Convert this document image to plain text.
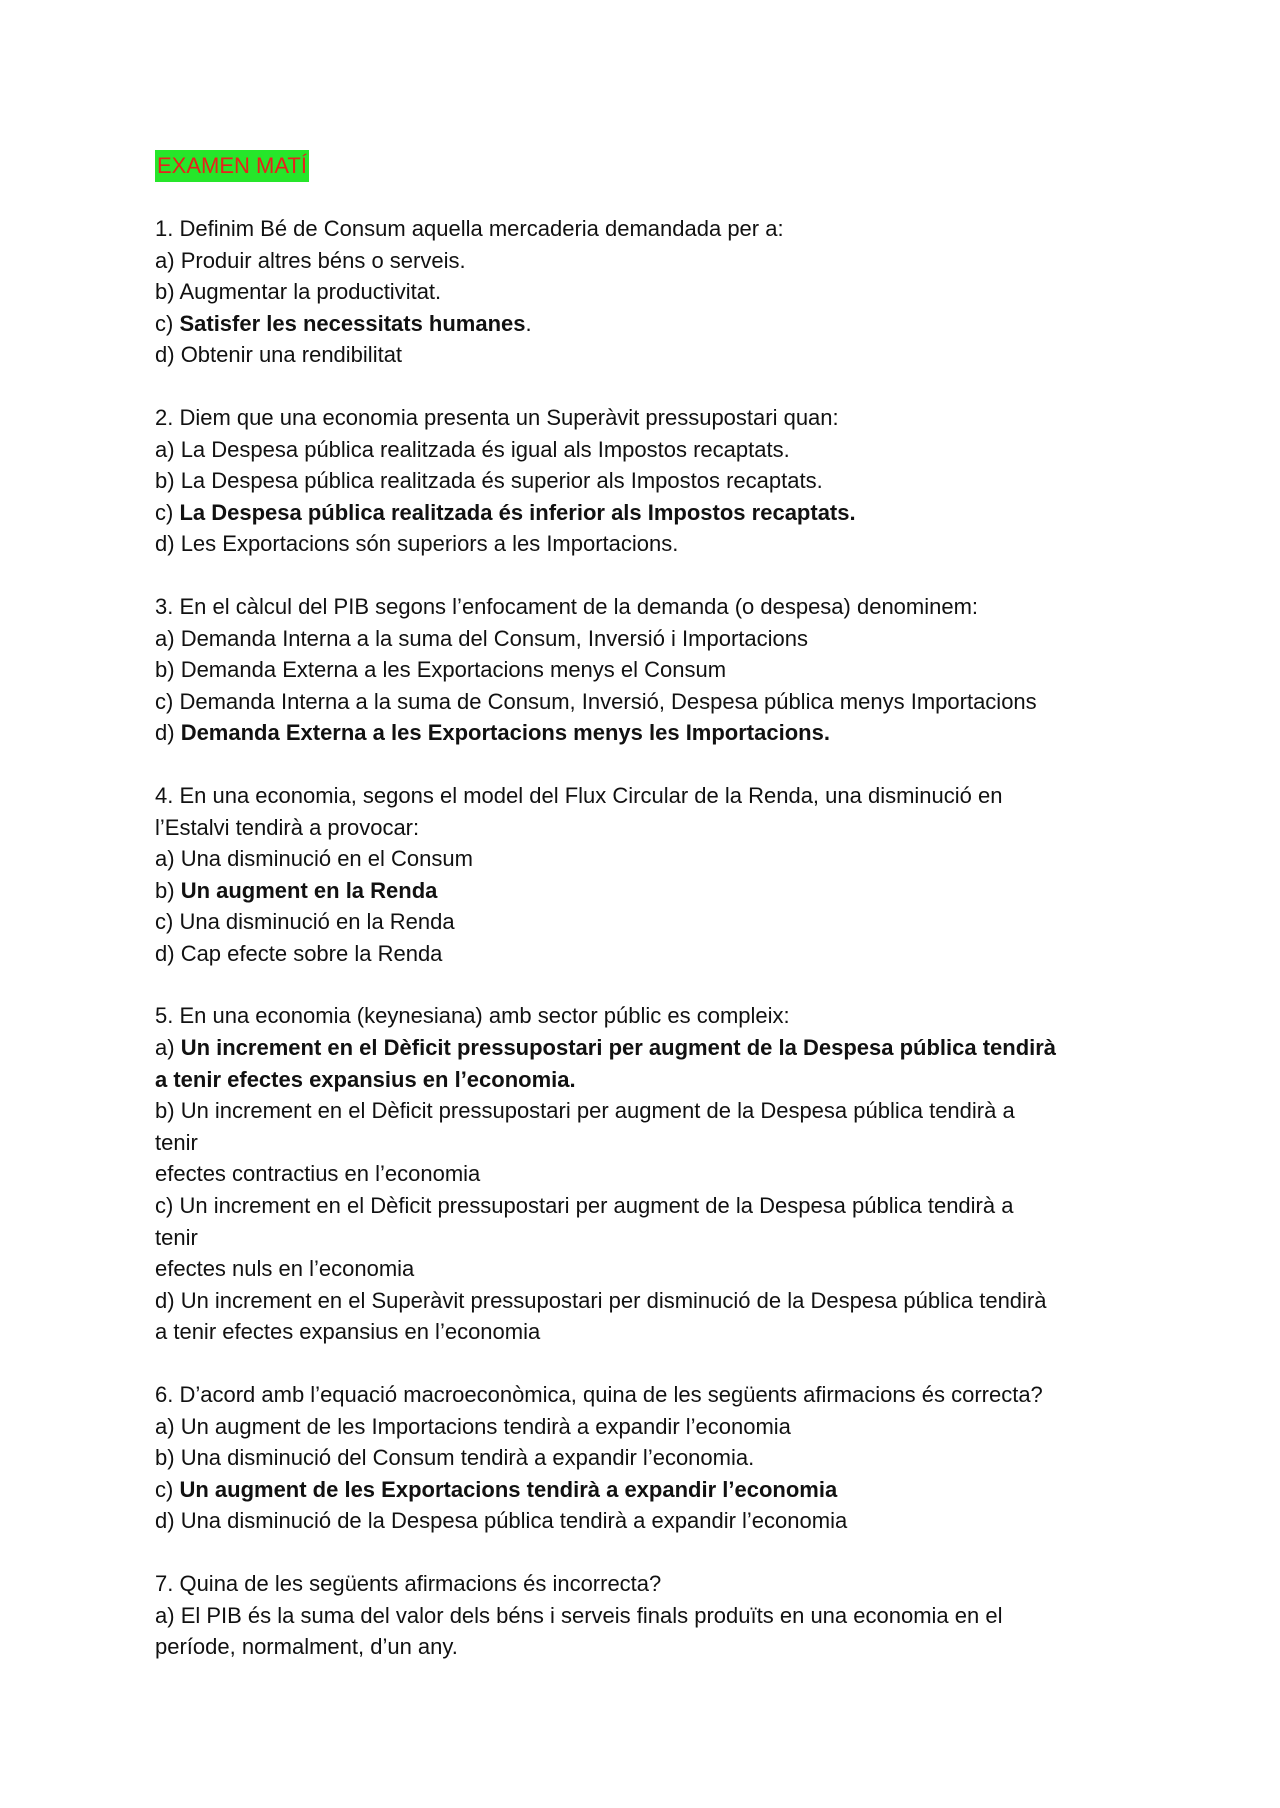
EXAMEN MATÍ
1. Definim Bé de Consum aquella mercaderia demandada per a:
a) Produir altres béns o serveis.
b) Augmentar la productivitat.
c) Satisfer les necessitats humanes.
d) Obtenir una rendibilitat
2. Diem que una economia presenta un Superàvit pressupostari quan:
a) La Despesa pública realitzada és igual als Impostos recaptats.
b) La Despesa pública realitzada és superior als Impostos recaptats.
c) La Despesa pública realitzada és inferior als Impostos recaptats.
d) Les Exportacions són superiors a les Importacions.
3. En el càlcul del PIB segons l’enfocament de la demanda (o despesa) denominem:
a) Demanda Interna a la suma del Consum, Inversió i Importacions
b) Demanda Externa a les Exportacions menys el Consum
c) Demanda Interna a la suma de Consum, Inversió, Despesa pública menys Importacions
d) Demanda Externa a les Exportacions menys les Importacions.
4. En una economia, segons el model del Flux Circular de la Renda, una disminució en
l’Estalvi tendirà a provocar:
a) Una disminució en el Consum
b) Un augment en la Renda
c) Una disminució en la Renda
d) Cap efecte sobre la Renda
5. En una economia (keynesiana) amb sector públic es compleix:
a) Un increment en el Dèficit pressupostari per augment de la Despesa pública tendirà
a tenir efectes expansius en l’economia.
b) Un increment en el Dèficit pressupostari per augment de la Despesa pública tendirà a
tenir
efectes contractius en l’economia
c) Un increment en el Dèficit pressupostari per augment de la Despesa pública tendirà a
tenir
efectes nuls en l’economia
d) Un increment en el Superàvit pressupostari per disminució de la Despesa pública tendirà
a tenir efectes expansius en l’economia
6. D’acord amb l’equació macroeconòmica, quina de les següents afirmacions és correcta?
a) Un augment de les Importacions tendirà a expandir l’economia
b) Una disminució del Consum tendirà a expandir l’economia.
c) Un augment de les Exportacions tendirà a expandir l’economia
d) Una disminució de la Despesa pública tendirà a expandir l’economia
7. Quina de les següents afirmacions és incorrecta?
a) El PIB és la suma del valor dels béns i serveis finals produïts en una economia en el
període, normalment, d’un any.
